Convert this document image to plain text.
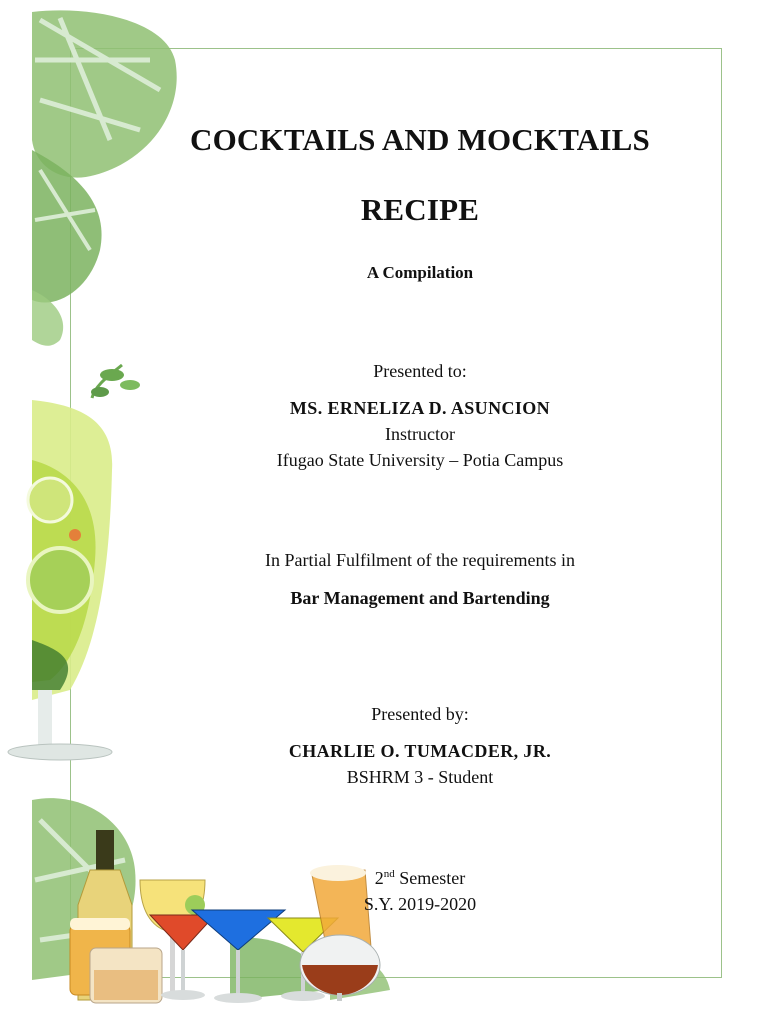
COCKTAILS AND MOCKTAILS
RECIPE
A Compilation
Presented to:
MS. ERNELIZA D. ASUNCION
Instructor
Ifugao State University – Potia Campus
In Partial Fulfilment of the requirements in
Bar Management and Bartending
Presented by:
CHARLIE O. TUMACDER, JR.
BSHRM 3 - Student
2nd Semester
S.Y. 2019-2020
